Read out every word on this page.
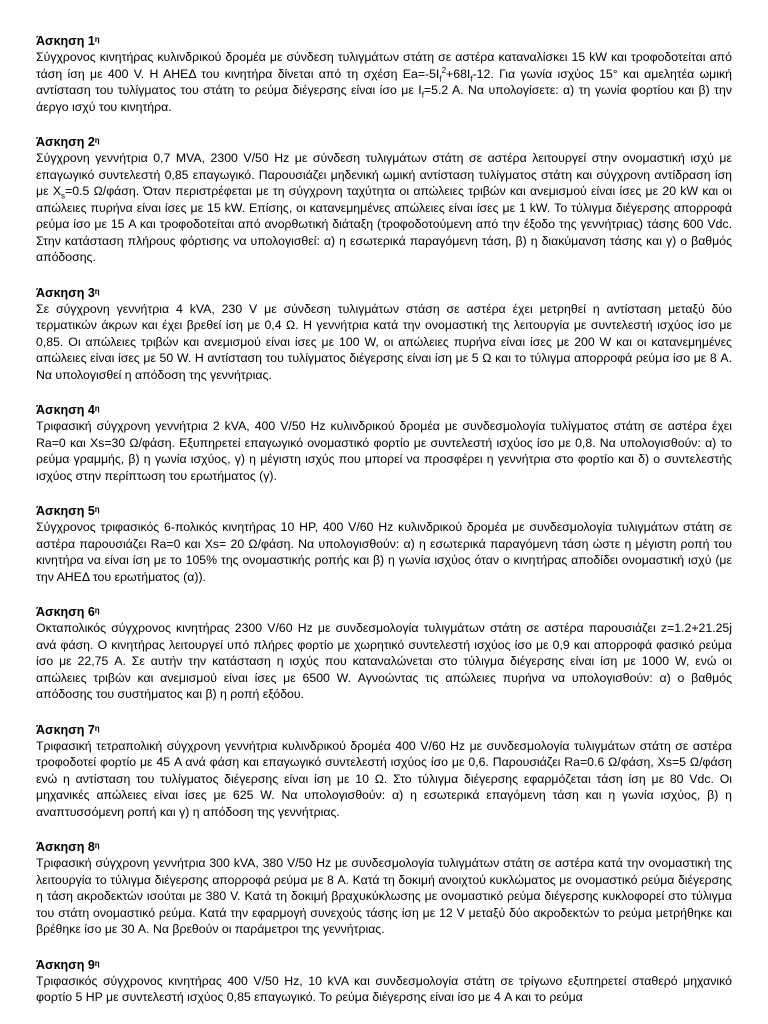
Άσκηση $1^\eta$

Σύγχρονος κινητήρας κυλινδρικού δρομέα με σύνδεση τυλιγμάτων στάτη σε αστέρα καταναλίσκει 15 kW και τροφοδοτείται από τάση ίση με 400 V. Η ΑΗΕΔ του κινητήρα δίνεται από τη σχέση $Ea=-5I_f^2+68I_f-12$. Για γωνία ισχύος 15° και αμελητέα ωμική αντίσταση του τυλίγματος του στάτη το ρεύμα διέγερσης είναι ίσο με $I_f=5.2$ A. Να υπολογίσετε: α) τη γωνία φορτίου και β) την άεργο ισχύ του κινητήρα.

Άσκηση $2^\eta$

Σύγχρονη γεννήτρια 0,7 MVA, 2300 V/50 Hz με σύνδεση τυλιγμάτων στάτη σε αστέρα λειτουργεί στην ονομαστική ισχύ με επαγωγικό συντελεστή 0,85 επαγωγικό. Παρουσιάζει μηδενική ωμική αντίσταση τυλίγματος στάτη και σύγχρονη αντίδραση ίση με $X_s=0.5$ Ω/φάση. Όταν περιστρέφεται με τη σύγχρονη ταχύτητα οι απώλειες τριβών και ανεμισμού είναι ίσες με 20 kW και οι απώλειες πυρήνα είναι ίσες με 15 kW. Επίσης, οι κατανεμημένες απώλειες είναι ίσες με 1 kW. Το τύλιγμα διέγερσης απορροφά ρεύμα ίσο με 15 A και τροφοδοτείται από ανορθωτική διάταξη (τροφοδοτούμενη από την έξοδο της γεννήτριας) τάσης 600 Vdc. Στην κατάσταση πλήρους φόρτισης να υπολογισθεί: α) η εσωτερικά παραγόμενη τάση, β) η διακύμανση τάσης και γ) ο βαθμός απόδοσης.

Άσκηση $3^\eta$

Σε σύγχρονη γεννήτρια 4 kVA, 230 V με σύνδεση τυλιγμάτων στάση σε αστέρα έχει μετρηθεί η αντίσταση μεταξύ δύο τερματικών άκρων και έχει βρεθεί ίση με 0,4 Ω. Η γεννήτρια κατά την ονομαστική της λειτουργία με συντελεστή ισχύος ίσο με 0,85. Οι απώλειες τριβών και ανεμισμού είναι ίσες με 100 W, οι απώλειες πυρήνα είναι ίσες με 200 W και οι κατανεμημένες απώλειες είναι ίσες με 50 W. Η αντίσταση του τυλίγματος διέγερσης είναι ίση με 5 Ω και το τύλιγμα απορροφά ρεύμα ίσο με 8 A. Να υπολογισθεί η απόδοση της γεννήτριας.

Άσκηση $4^\eta$

Τριφασική σύγχρονη γεννήτρια 2 kVA, 400 V/50 Hz κυλινδρικού δρομέα με συνδεσμολογία τυλίγματος στάτη σε αστέρα έχει Ra=0 και Xs=30 Ω/φάση. Εξυπηρετεί επαγωγικό ονομαστικό φορτίο με συντελεστή ισχύος ίσο με 0,8. Να υπολογισθούν: α) το ρεύμα γραμμής, β) η γωνία ισχύος, γ) η μέγιστη ισχύς που μπορεί να προσφέρει η γεννήτρια στο φορτίο και δ) ο συντελεστής ισχύος στην περίπτωση του ερωτήματος (γ).

Άσκηση $5^\eta$

Σύγχρονος τριφασικός 6-πολικός κινητήρας 10 HP, 400 V/60 Hz κυλινδρικού δρομέα με συνδεσμολογία τυλιγμάτων στάτη σε αστέρα παρουσιάζει Ra=0 και Xs= 20 Ω/φάση. Να υπολογισθούν: α) η εσωτερικά παραγόμενη τάση ώστε η μέγιστη ροπή του κινητήρα να είναι ίση με το 105% της ονομαστικής ροπής και β) η γωνία ισχύος όταν ο κινητήρας αποδίδει ονομαστική ισχύ (με την ΑΗΕΔ του ερωτήματος (α)).

Άσκηση $6^\eta$

Οκταπολικός σύγχρονος κινητήρας 2300 V/60 Hz με συνδεσμολογία τυλιγμάτων στάτη σε αστέρα παρουσιάζει z=1.2+21.25j ανά φάση. Ο κινητήρας λειτουργεί υπό πλήρες φορτίο με χωρητικό συντελεστή ισχύος ίσο με 0,9 και απορροφά φασικό ρεύμα ίσο με 22,75 A. Σε αυτήν την κατάσταση η ισχύς που καταναλώνεται στο τύλιγμα διέγερσης είναι ίση με 1000 W, ενώ οι απώλειες τριβών και ανεμισμού είναι ίσες με 6500 W. Αγνοώντας τις απώλειες πυρήνα να υπολογισθούν: α) ο βαθμός απόδοσης του συστήματος και β) η ροπή εξόδου.

Άσκηση $7^\eta$

Τριφασική τετραπολική σύγχρονη γεννήτρια κυλινδρικού δρομέα 400 V/60 Hz με συνδεσμολογία τυλιγμάτων στάτη σε αστέρα τροφοδοτεί φορτίο με 45 A ανά φάση και επαγωγικό συντελεστή ισχύος ίσο με 0,6. Παρουσιάζει Ra=0.6 Ω/φάση, Xs=5 Ω/φάση ενώ η αντίσταση του τυλίγματος διέγερσης είναι ίση με 10 Ω. Στο τύλιγμα διέγερσης εφαρμόζεται τάση ίση με 80 Vdc. Οι μηχανικές απώλειες είναι ίσες με 625 W. Να υπολογισθούν: α) η εσωτερικά επαγόμενη τάση και η γωνία ισχύος, β) η αναπτυσσόμενη ροπή και γ) η απόδοση της γεννήτριας.

Άσκηση $8^\eta$

Τριφασική σύγχρονη γεννήτρια 300 kVA, 380 V/50 Hz με συνδεσμολογία τυλιγμάτων στάτη σε αστέρα κατά την ονομαστική της λειτουργία το τύλιγμα διέγερσης απορροφά ρεύμα με 8 A. Κατά τη δοκιμή ανοιχτού κυκλώματος με ονομαστικό ρεύμα διέγερσης η τάση ακροδεκτών ισούται με 380 V. Κατά τη δοκιμή βραχυκύκλωσης με ονομαστικό ρεύμα διέγερσης κυκλοφορεί στο τύλιγμα του στάτη ονομαστικό ρεύμα. Κατά την εφαρμογή συνεχούς τάσης ίση με 12 V μεταξύ δύο ακροδεκτών το ρεύμα μετρήθηκε και βρέθηκε ίσο με 30 A. Να βρεθούν οι παράμετροι της γεννήτριας.

Άσκηση $9^\eta$

Τριφασικός σύγχρονος κινητήρας 400 V/50 Hz, 10 kVA και συνδεσμολογία στάτη σε τρίγωνο εξυπηρετεί σταθερό μηχανικό φορτίο 5 HP με συντελεστή ισχύος 0,85 επαγωγικό. Το ρεύμα διέγερσης είναι ίσο με 4 A και το ρεύμα
